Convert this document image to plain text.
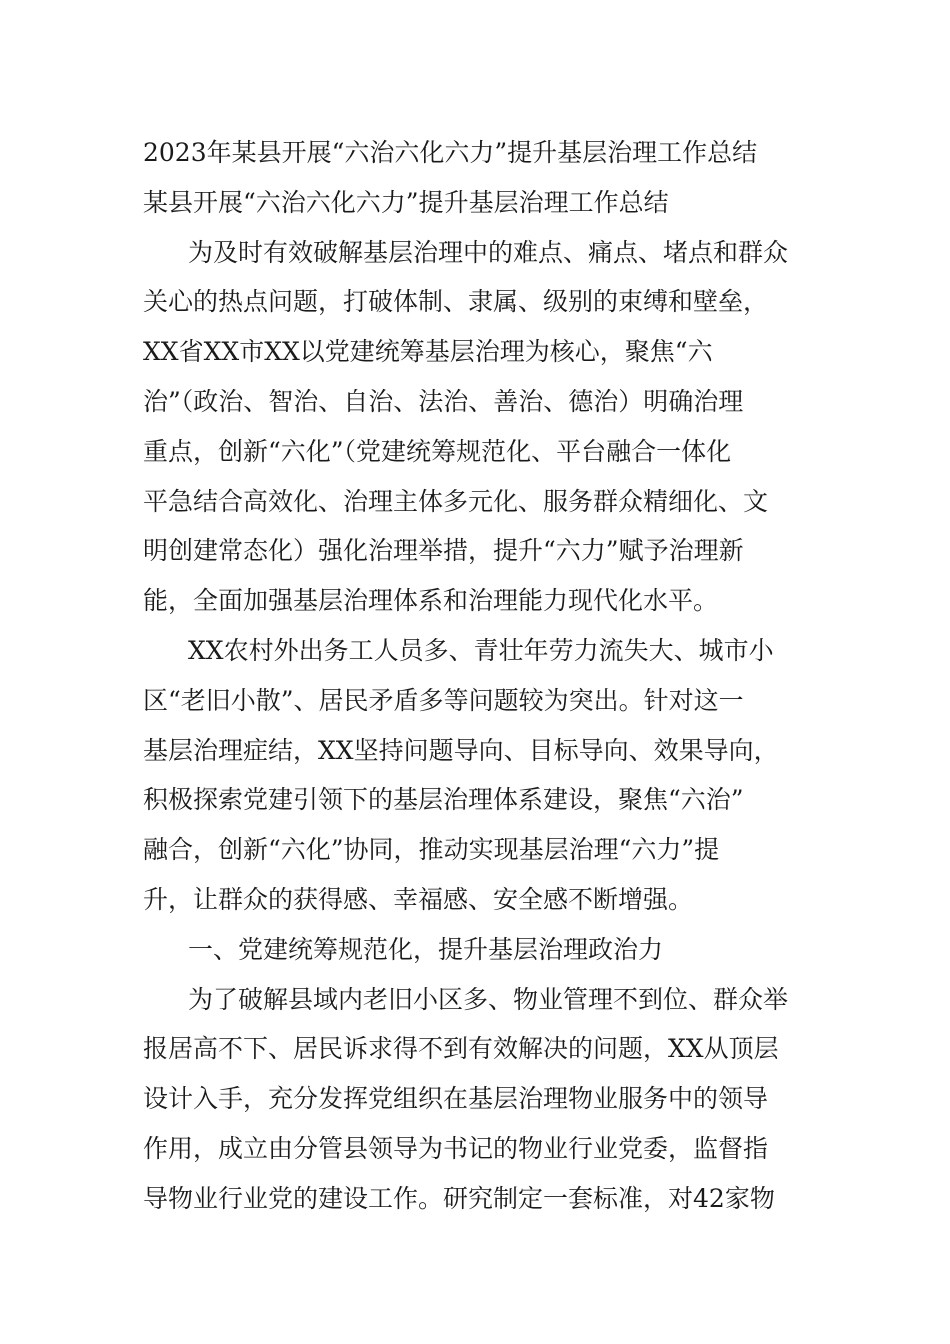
2023年某县开展“六治六化六力”提升基层治理工作总结
某县开展“六治六化六力”提升基层治理工作总结
为及时有效破解基层治理中的难点、痛点、堵点和群众
关心的热点问题，打破体制、隶属、级别的束缚和壁垒，
XX省XX市XX以党建统筹基层治理为核心，聚焦“六
治”（政治、智治、自治、法治、善治、德治）明确治理
重点，创新“六化”（党建统筹规范化、平台融合一体化
平急结合高效化、治理主体多元化、服务群众精细化、文
明创建常态化）强化治理举措，提升“六力”赋予治理新
能，全面加强基层治理体系和治理能力现代化水平。
XX农村外出务工人员多、青壮年劳力流失大、城市小
区“老旧小散”、居民矛盾多等问题较为突出。针对这一
基层治理症结，XX坚持问题导向、目标导向、效果导向，
积极探索党建引领下的基层治理体系建设，聚焦“六治”
融合，创新“六化”协同，推动实现基层治理“六力”提
升，让群众的获得感、幸福感、安全感不断增强。
一、党建统筹规范化，提升基层治理政治力
为了破解县域内老旧小区多、物业管理不到位、群众举
报居高不下、居民诉求得不到有效解决的问题，XX从顶层
设计入手，充分发挥党组织在基层治理物业服务中的领导
作用，成立由分管县领导为书记的物业行业党委，监督指
导物业行业党的建设工作。研究制定一套标准，对42家物
